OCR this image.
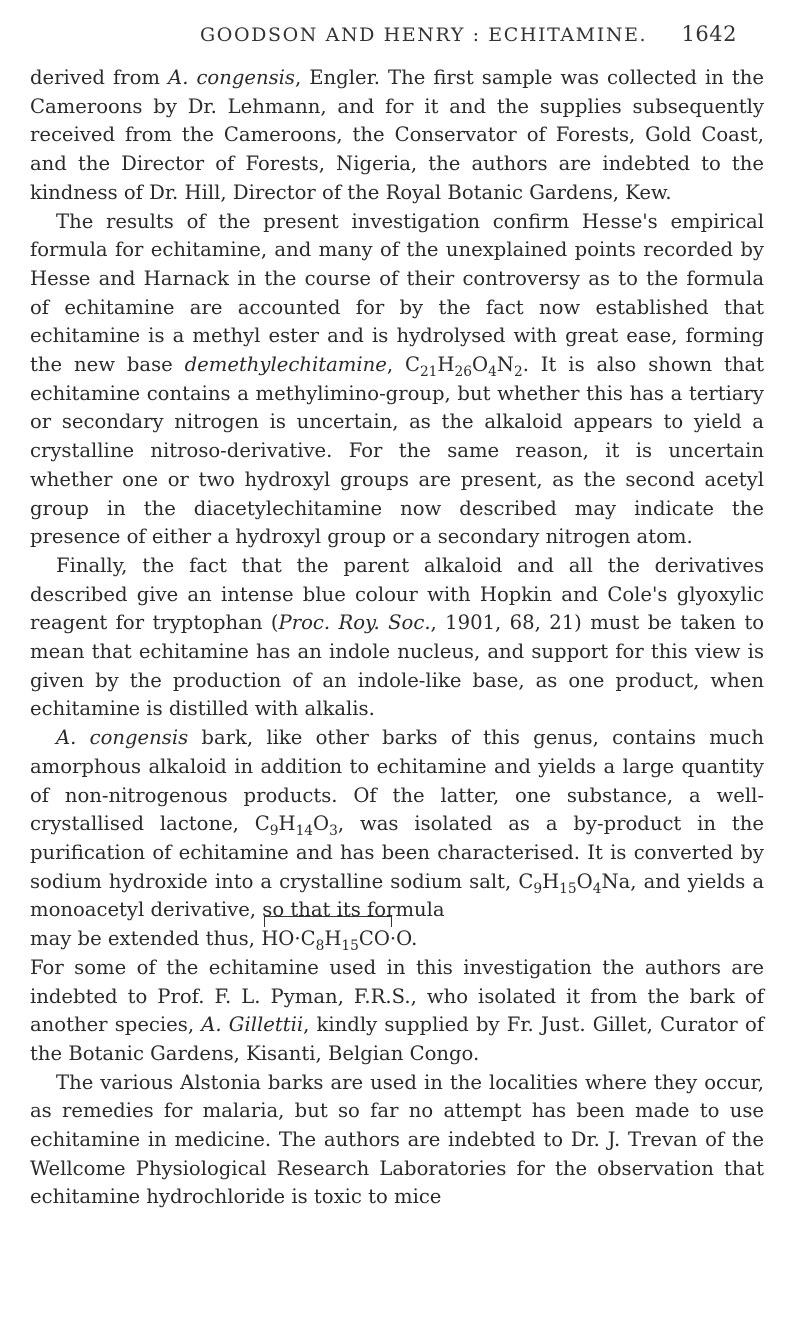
GOODSON AND HENRY : ECHITAMINE. 1642

derived from A. congensis, Engler. The first sample was collected in the Cameroons by Dr. Lehmann, and for it and the supplies subsequently received from the Cameroons, the Conservator of Forests, Gold Coast, and the Director of Forests, Nigeria, the authors are indebted to the kindness of Dr. Hill, Director of the Royal Botanic Gardens, Kew.

The results of the present investigation confirm Hesse's empirical formula for echitamine, and many of the unexplained points recorded by Hesse and Harnack in the course of their controversy as to the formula of echitamine are accounted for by the fact now established that echitamine is a methyl ester and is hydrolysed with great ease, forming the new base demethylechitamine, $C_{21}H_{26}O_4N_2$. It is also shown that echitamine contains a methylimino-group, but whether this has a tertiary or secondary nitrogen is uncertain, as the alkaloid appears to yield a crystalline nitroso-derivative. For the same reason, it is uncertain whether one or two hydroxyl groups are present, as the second acetyl group in the diacetylechitamine now described may indicate the presence of either a hydroxyl group or a secondary nitrogen atom.

Finally, the fact that the parent alkaloid and all the derivatives described give an intense blue colour with Hopkin and Cole's glyoxylic reagent for tryptophan (Proc. Roy. Soc., 1901, 68, 21) must be taken to mean that echitamine has an indole nucleus, and support for this view is given by the production of an indole-like base, as one product, when echitamine is distilled with alkalis.

A. congensis bark, like other barks of this genus, contains much amorphous alkaloid in addition to echitamine and yields a large quantity of non-nitrogenous products. Of the latter, one substance, a well-crystallised lactone, $C_9H_{14}O_3$, was isolated as a by-product in the purification of echitamine and has been characterised. It is converted by sodium hydroxide into a crystalline sodium salt, $C_9H_{15}O_4Na$, and yields a monoacetyl derivative, so that its formula

may be extended thus, $HO\cdot C_8H_{15}CO\cdot O$.

For some of the echitamine used in this investigation the authors are indebted to Prof. F. L. Pyman, F.R.S., who isolated it from the bark of another species, A. Gillettii, kindly supplied by Fr. Just. Gillet, Curator of the Botanic Gardens, Kisanti, Belgian Congo.

The various Alstonia barks are used in the localities where they occur, as remedies for malaria, but so far no attempt has been made to use echitamine in medicine. The authors are indebted to Dr. J. Trevan of the Wellcome Physiological Research Laboratories for the observation that echitamine hydrochloride is toxic to mice
